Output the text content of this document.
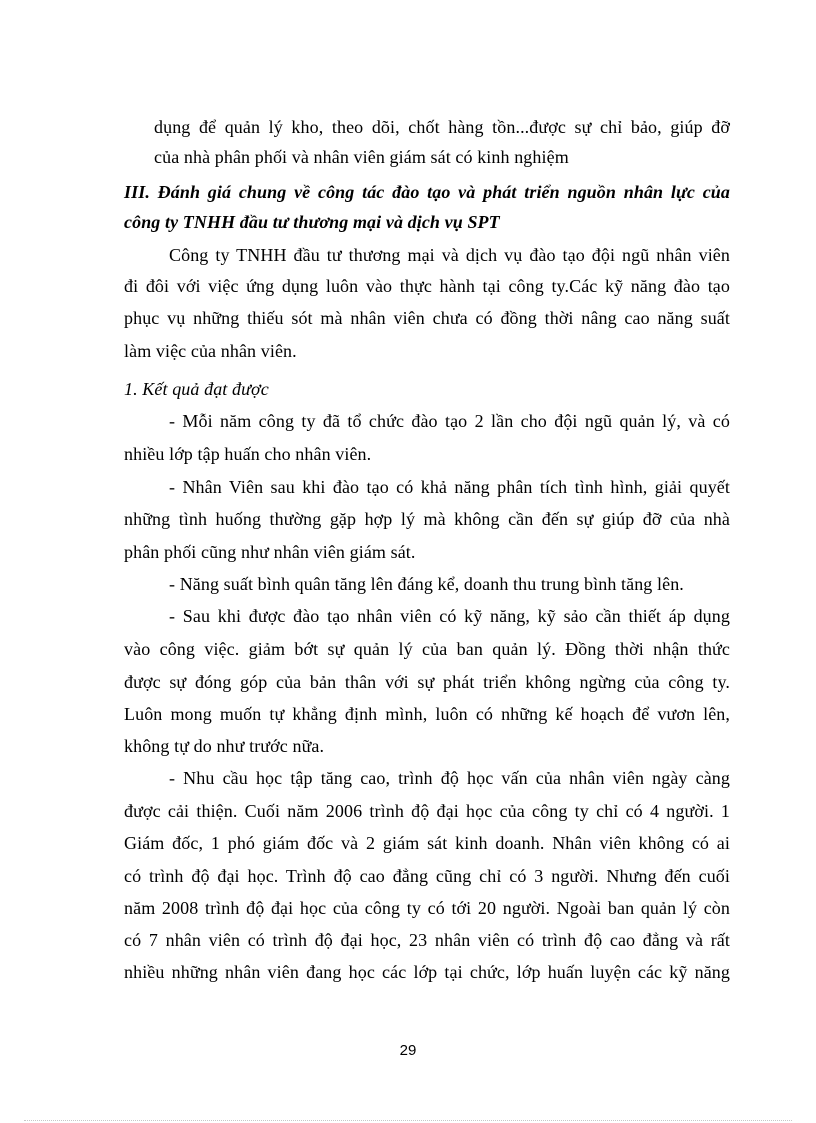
dụng để quản lý kho, theo dõi, chốt hàng tồn...được sự chỉ bảo, giúp đỡ
của nhà phân phối và nhân viên giám sát có kinh nghiệm
III. Đánh giá chung về công tác đào tạo và phát triển nguồn nhân lực của
công ty TNHH đầu tư thương mại và dịch vụ SPT
Công ty TNHH đầu tư thương mại và dịch vụ đào tạo đội ngũ nhân viên
đi đôi với việc ứng dụng luôn vào thực hành tại công ty.Các kỹ năng đào tạo
phục vụ những thiếu sót mà nhân viên chưa có đồng thời nâng cao năng suất
làm việc của nhân viên.
1. Kết quả đạt được
- Mỗi năm công ty đã tổ chức đào tạo 2 lần cho đội ngũ quản lý, và có
nhiều lớp tập huấn cho nhân viên.
- Nhân Viên sau khi đào tạo có khả năng phân tích tình hình, giải quyết
những tình huống thường gặp hợp lý mà không cần đến sự giúp đỡ của nhà
phân phối cũng như nhân viên giám sát.
- Năng suất bình quân tăng lên đáng kể, doanh thu trung bình tăng lên.
- Sau khi được đào tạo nhân viên có kỹ năng, kỹ sảo cần thiết áp dụng
vào công việc. giảm bớt sự quản lý của ban quản lý. Đồng thời nhận thức
được sự đóng góp của bản thân với sự phát triển không ngừng của công ty.
Luôn mong muốn tự khẳng định mình, luôn có những kế hoạch để vươn lên,
không tự do như trước nữa.
- Nhu cầu học tập tăng cao, trình độ học vấn của nhân viên ngày càng
được cải thiện. Cuối năm 2006 trình độ đại học của công ty chỉ có 4 người. 1
Giám đốc, 1 phó giám đốc và 2 giám sát kinh doanh. Nhân viên không có ai
có trình độ đại học. Trình độ cao đẳng cũng chỉ có 3 người. Nhưng đến cuối
năm 2008 trình độ đại học của công ty có tới 20 người. Ngoài ban quản lý còn
có 7 nhân viên có trình độ đại học, 23 nhân viên có trình độ cao đẳng và rất
nhiều những nhân viên đang học các lớp tại chức, lớp huấn luyện các kỹ năng
29
